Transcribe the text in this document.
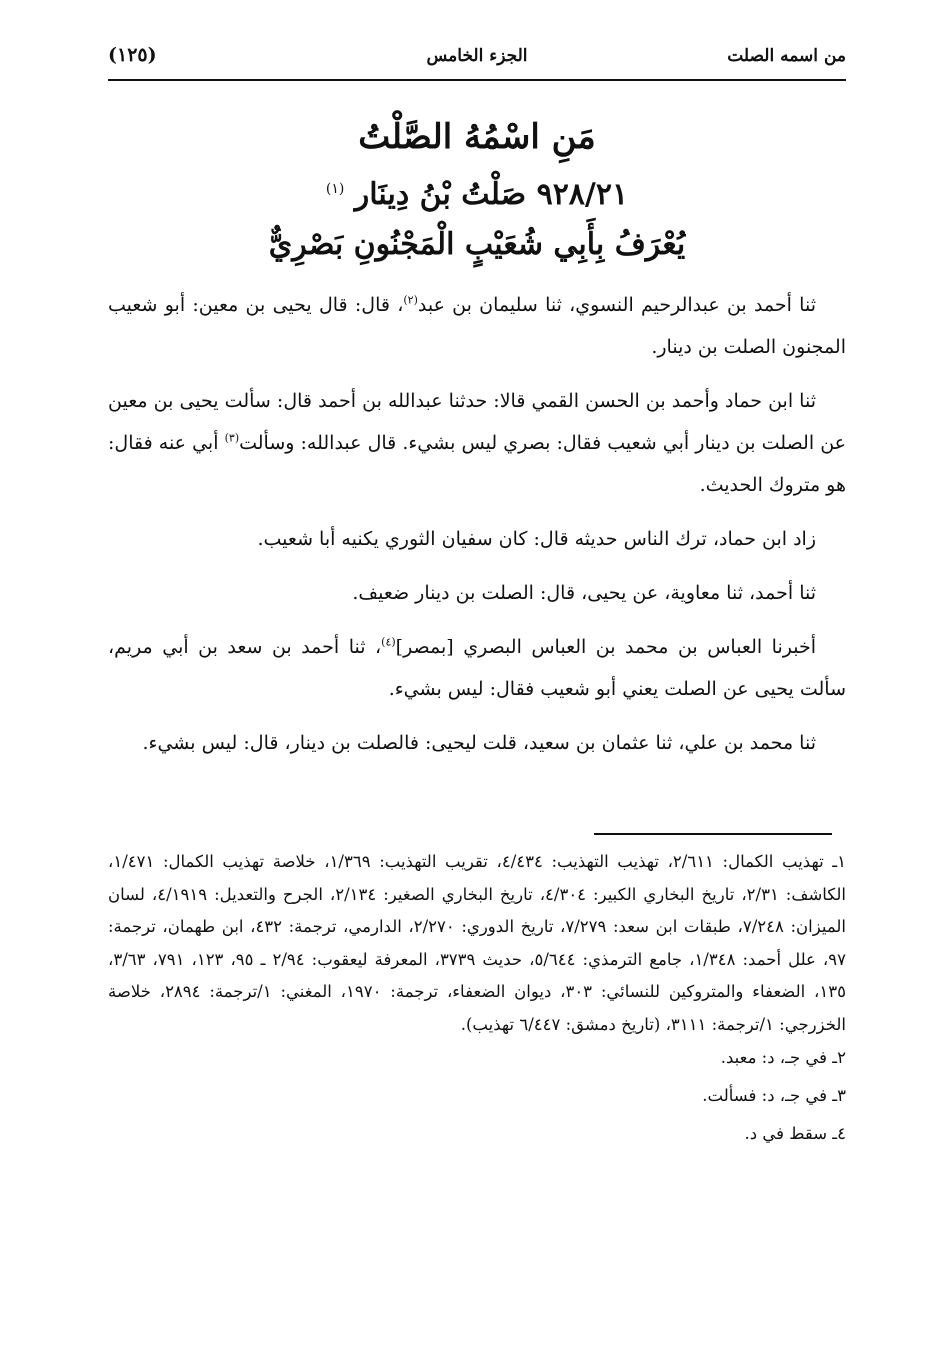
من اسمه الصلت
الجزء الخامس
(١٢٥)
مَنِ اسْمُهُ الصَّلْتُ
٩٢٨/٢١ صَلْتُ بْنُ دِينَار $^{(١)}$
يُعْرَفُ بِأَبِي شُعَيْبٍ الْمَجْنُونِ بَصْرِيٌّ

ثنا أحمد بن عبدالرحيم النسوي، ثنا سليمان بن عبد$^{(٢)}$، قال: قال يحيى بن معين: أبو شعيب المجنون الصلت بن دينار.

ثنا ابن حماد وأحمد بن الحسن القمي قالا: حدثنا عبدالله بن أحمد قال: سألت يحيى بن معين عن الصلت بن دينار أبي شعيب فقال: بصري ليس بشيء. قال عبدالله: وسألت$^{(٣)}$ أبي عنه فقال: هو متروك الحديث.

زاد ابن حماد، ترك الناس حديثه قال: كان سفيان الثوري يكنيه أبا شعيب.

ثنا أحمد، ثنا معاوية، عن يحيى، قال: الصلت بن دينار ضعيف.

أخبرنا العباس بن محمد بن العباس البصري [بمصر]$^{(٤)}$، ثنا أحمد بن سعد بن أبي مريم، سألت يحيى عن الصلت يعني أبو شعيب فقال: ليس بشيء.

ثنا محمد بن علي، ثنا عثمان بن سعيد، قلت ليحيى: فالصلت بن دينار، قال: ليس بشيء.

١ـ تهذيب الكمال: ٢/٦١١، تهذيب التهذيب: ٤/٤٣٤، تقريب التهذيب: ١/٣٦٩، خلاصة تهذيب الكمال: ١/٤٧١، الكاشف: ٢/٣١، تاريخ البخاري الكبير: ٤/٣٠٤، تاريخ البخاري الصغير: ٢/١٣٤، الجرح والتعديل: ٤/١٩١٩، لسان الميزان: ٧/٢٤٨، طبقات ابن سعد: ٧/٢٧٩، تاريخ الدوري: ٢/٢٧٠، الدارمي، ترجمة: ٤٣٢، ابن طهمان، ترجمة: ٩٧، علل أحمد: ١/٣٤٨، جامع الترمذي: ٥/٦٤٤، حديث ٣٧٣٩، المعرفة ليعقوب: ٢/٩٤ ـ ٩٥، ١٢٣، ٧٩١، ٣/٦٣، ١٣٥، الضعفاء والمتروكين للنسائي: ٣٠٣، ديوان الضعفاء، ترجمة: ١٩٧٠، المغني: ١/ترجمة: ٢٨٩٤، خلاصة الخزرجي: ١/ترجمة: ٣١١١، (تاريخ دمشق: ٦/٤٤٧ تهذيب).

٢ـ في جـ، د: معبد.

٣ـ في جـ، د: فسألت.

٤ـ سقط في د.
